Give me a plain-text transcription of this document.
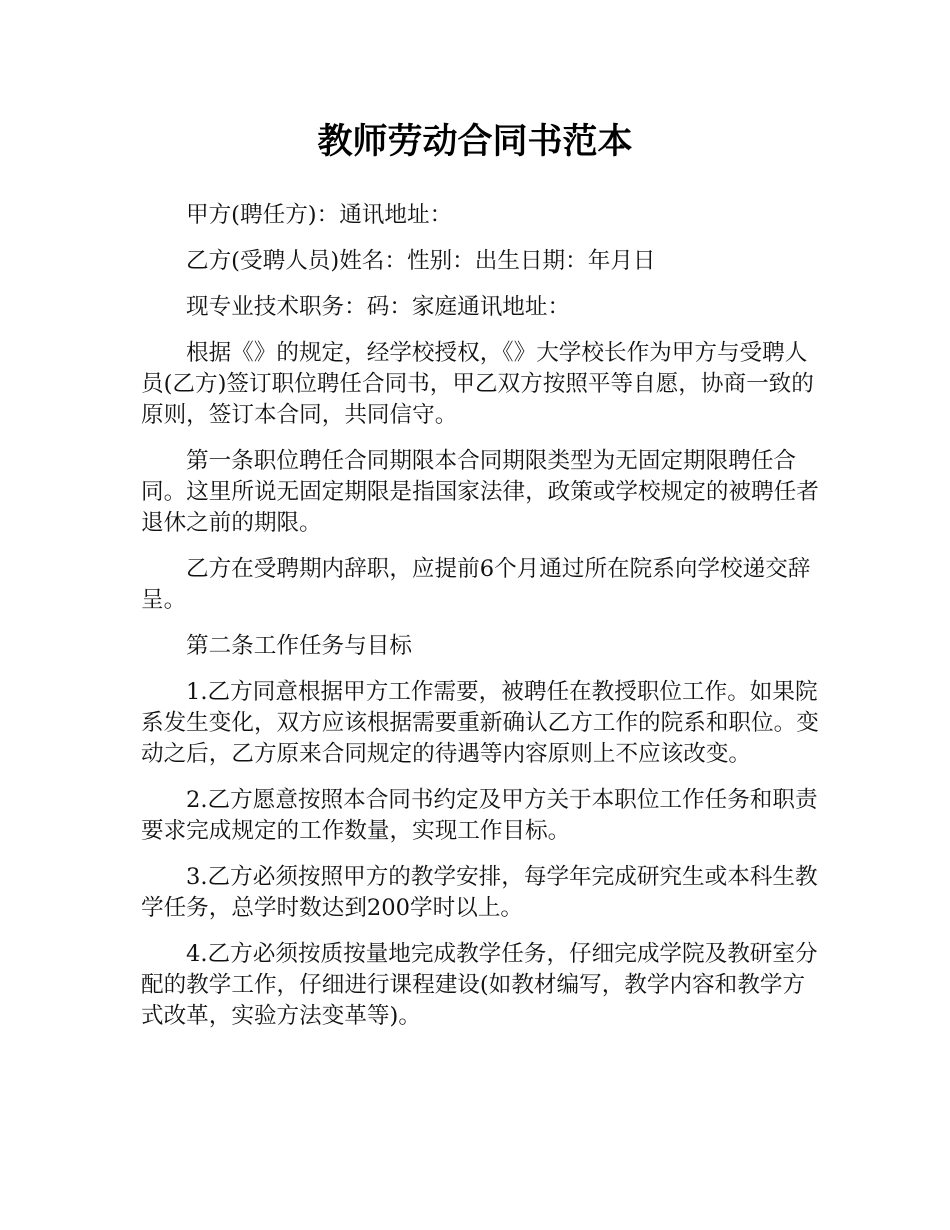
教师劳动合同书范本

甲方(聘任方)：通讯地址：

乙方(受聘人员)姓名：性别：出生日期：年月日

现专业技术职务：码：家庭通讯地址：

根据《》的规定，经学校授权，《》大学校长作为甲方与受聘人员(乙方)签订职位聘任合同书，甲乙双方按照平等自愿，协商一致的原则，签订本合同，共同信守。

第一条职位聘任合同期限本合同期限类型为无固定期限聘任合同。这里所说无固定期限是指国家法律，政策或学校规定的被聘任者退休之前的期限。

乙方在受聘期内辞职，应提前6个月通过所在院系向学校递交辞呈。

第二条工作任务与目标

1.乙方同意根据甲方工作需要，被聘任在教授职位工作。如果院系发生变化，双方应该根据需要重新确认乙方工作的院系和职位。变动之后，乙方原来合同规定的待遇等内容原则上不应该改变。

2.乙方愿意按照本合同书约定及甲方关于本职位工作任务和职责要求完成规定的工作数量，实现工作目标。

3.乙方必须按照甲方的教学安排，每学年完成研究生或本科生教学任务，总学时数达到200学时以上。

4.乙方必须按质按量地完成教学任务，仔细完成学院及教研室分配的教学工作，仔细进行课程建设(如教材编写，教学内容和教学方式改革，实验方法变革等)。
